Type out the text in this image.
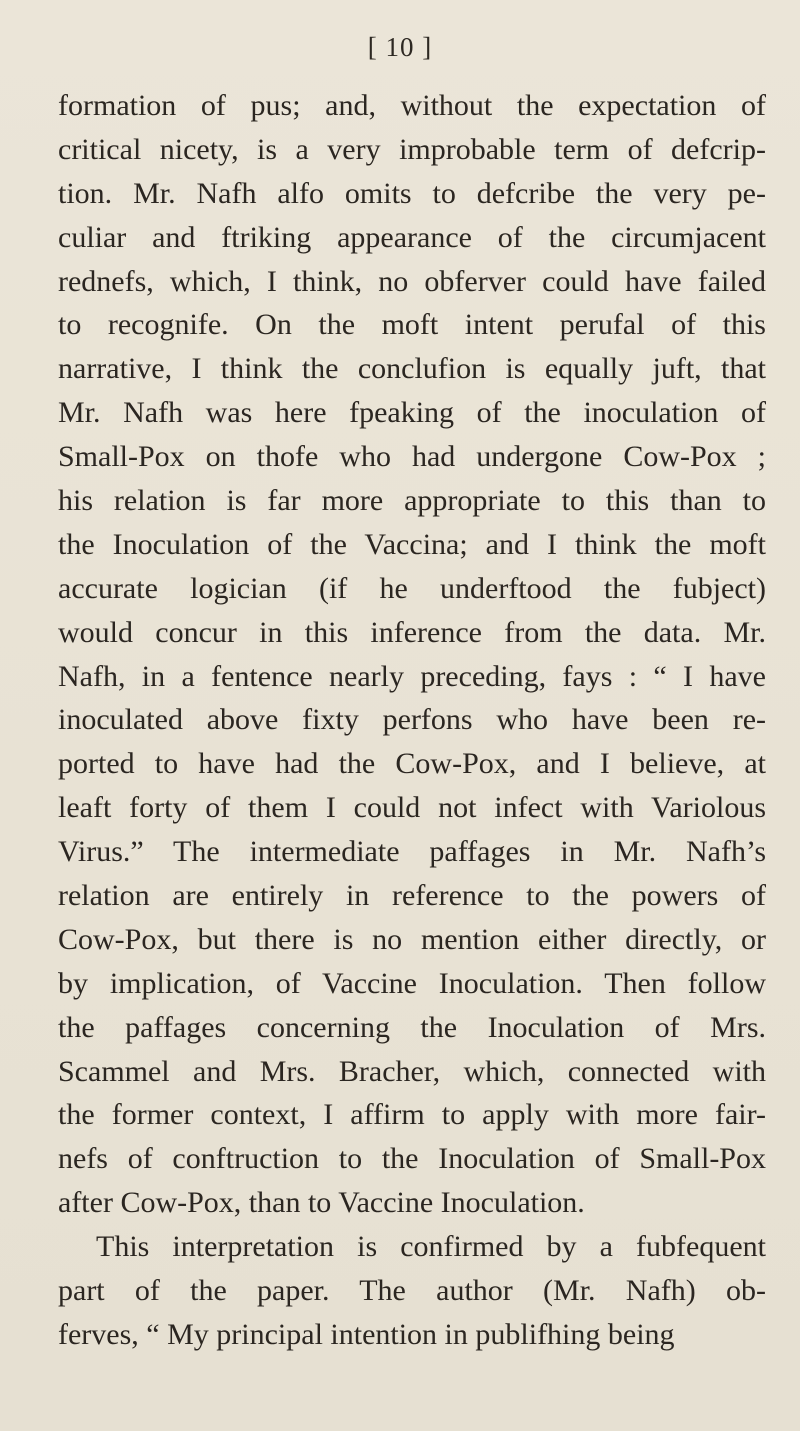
[ 10 ]
formation of pus; and, without the expectation of
critical nicety, is a very improbable term of defcrip-
tion. Mr. Nafh alfo omits to defcribe the very pe-
culiar and ftriking appearance of the circumjacent
rednefs, which, I think, no obferver could have failed
to recognife. On the moft intent perufal of this
narrative, I think the conclufion is equally juft, that
Mr. Nafh was here fpeaking of the inoculation of
Small-Pox on thofe who had undergone Cow-Pox ;
his relation is far more appropriate to this than to
the Inoculation of the Vaccina; and I think the moft
accurate logician (if he underftood the fubject)
would concur in this inference from the data. Mr.
Nafh, in a fentence nearly preceding, fays : “ I have
inoculated above fixty perfons who have been re-
ported to have had the Cow-Pox, and I believe, at
leaft forty of them I could not infect with Variolous
Virus.” The intermediate paffages in Mr. Nafh’s
relation are entirely in reference to the powers of
Cow-Pox, but there is no mention either directly, or
by implication, of Vaccine Inoculation. Then follow
the paffages concerning the Inoculation of Mrs.
Scammel and Mrs. Bracher, which, connected with
the former context, I affirm to apply with more fair-
nefs of conftruction to the Inoculation of Small-Pox
after Cow-Pox, than to Vaccine Inoculation.
This interpretation is confirmed by a fubfequent
part of the paper. The author (Mr. Nafh) ob-
ferves, “ My principal intention in publifhing being
